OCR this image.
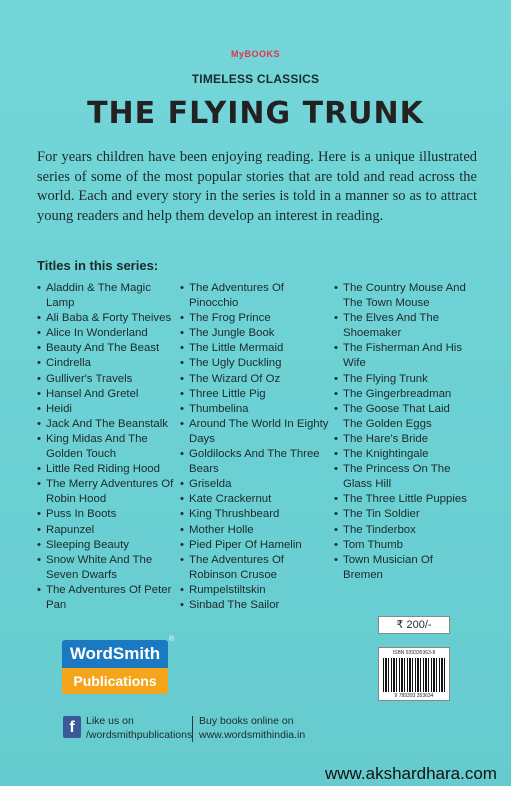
MyBOOKS
TIMELESS CLASSICS
THE FLYING TRUNK
For years children have been enjoying reading. Here is a unique illustrated series of some of the most popular stories that are told and read across the world. Each and every story in the series is told in a manner so as to attract young readers and help them develop an interest in reading.
Titles in this series:
• Aladdin & The Magic Lamp
• Ali Baba & Forty Theives
• Alice In Wonderland
• Beauty And The Beast
• Cindrella
• Gulliver's Travels
• Hansel And Gretel
• Heidi
• Jack And The Beanstalk
• King Midas And The Golden Touch
• Little Red Riding Hood
• The Merry Adventures Of Robin Hood
• Puss In Boots
• Rapunzel
• Sleeping Beauty
• Snow White And The Seven Dwarfs
• The Adventures Of Peter Pan
• The Adventures Of Pinocchio
• The Frog Prince
• The Jungle Book
• The Little Mermaid
• The Ugly Duckling
• The Wizard Of Oz
• Three Little Pig
• Thumbelina
• Around The World In Eighty Days
• Goldilocks And The Three Bears
• Griselda
• Kate Crackernut
• King Thrushbeard
• Mother Holle
• Pied Piper Of Hamelin
• The Adventures Of Robinson Crusoe
• Rumpelstiltskin
• Sinbad The Sailor
• The Country Mouse And The Town Mouse
• The Elves And The Shoemaker
• The Fisherman And His Wife
• The Flying Trunk
• The Gingerbreadman
• The Goose That Laid The Golden Eggs
• The Hare's Bride
• The Knightingale
• The Princess On The Glass Hill
• The Three Little Puppies
• The Tin Soldier
• The Tinderbox
• Tom Thumb
• Town Musician Of Bremen
₹ 200/-
ISBN 939335363-8
9 789393 353634
WordSmith
Publications
®
f	Like us on
/wordsmithpublications
Buy books online on
www.wordsmithindia.in
www.akshardhara.com
